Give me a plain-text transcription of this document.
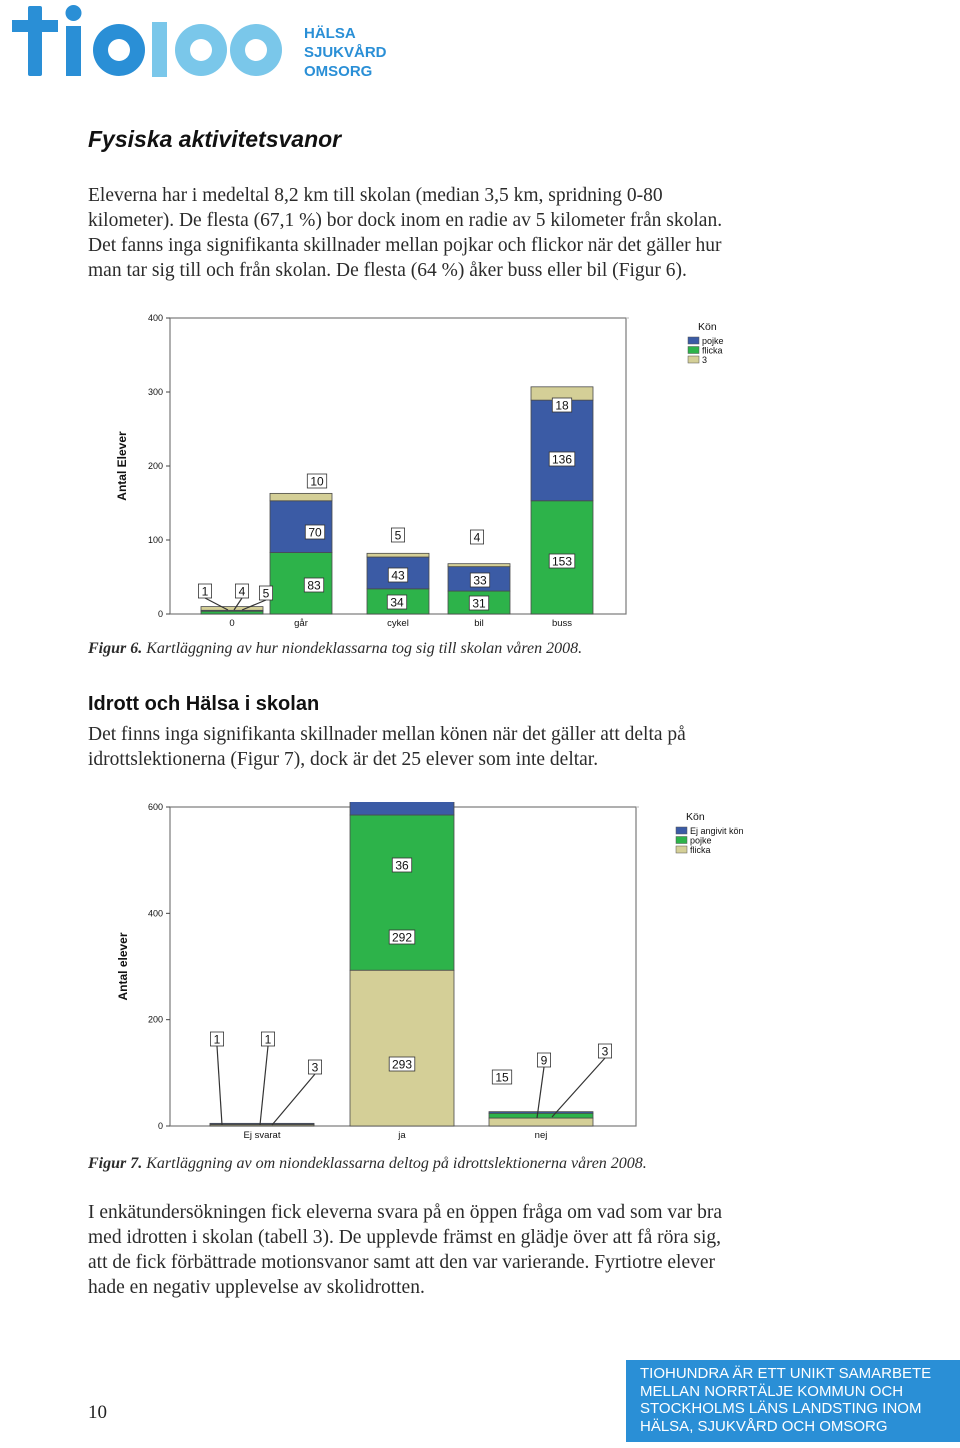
HÄLSA
SJUKVÅRD
OMSORG
Fysiska aktivitetsvanor

Eleverna har i medeltal 8,2 km till skolan (median 3,5 km, spridning 0-80

kilometer). De flesta (67,1 %) bor dock inom en radie av 5 kilometer från skolan.

Det fanns inga signifikanta skillnader mellan pojkar och flickor när det gäller hur

man tar sig till och från skolan. De flesta (64 %) åker buss eller bil (Figur 6).

0
100
200
300
400
Antal Elever
0	går	cykel	bil	buss
1	4 5
10
70
83
5
43
34
4
33
31
18
136
153
Kön
pojke
flicka
3
Figur 6. Kartläggning av hur niondeklassarna tog sig till skolan våren 2008.
Idrott och Hälsa i skolan

Det finns inga signifikanta skillnader mellan könen när det gäller att delta på

idrottslektionerna (Figur 7), dock är det 25 elever som inte deltar.

0
200
400
600
Antal elever
Ej svarat	ja	nej
1	1
3
36
292
293
15
9
3
Kön
Ej angivit kön
pojke
flicka
Figur 7. Kartläggning av om niondeklassarna deltog på idrottslektionerna våren 2008.

I enkätundersökningen fick eleverna svara på en öppen fråga om vad som var bra

med idrotten i skolan (tabell 3). De upplevde främst en glädje över att få röra sig,

att de fick förbättrade motionsvanor samt att den var varierande. Fyrtiotre elever

hade en negativ upplevelse av skolidrotten.

10
TIOHUNDRA ÄR ETT UNIKT SAMARBETE
MELLAN NORRTÄLJE KOMMUN OCH
STOCKHOLMS LÄNS LANDSTING INOM
HÄLSA, SJUKVÅRD OCH OMSORG
